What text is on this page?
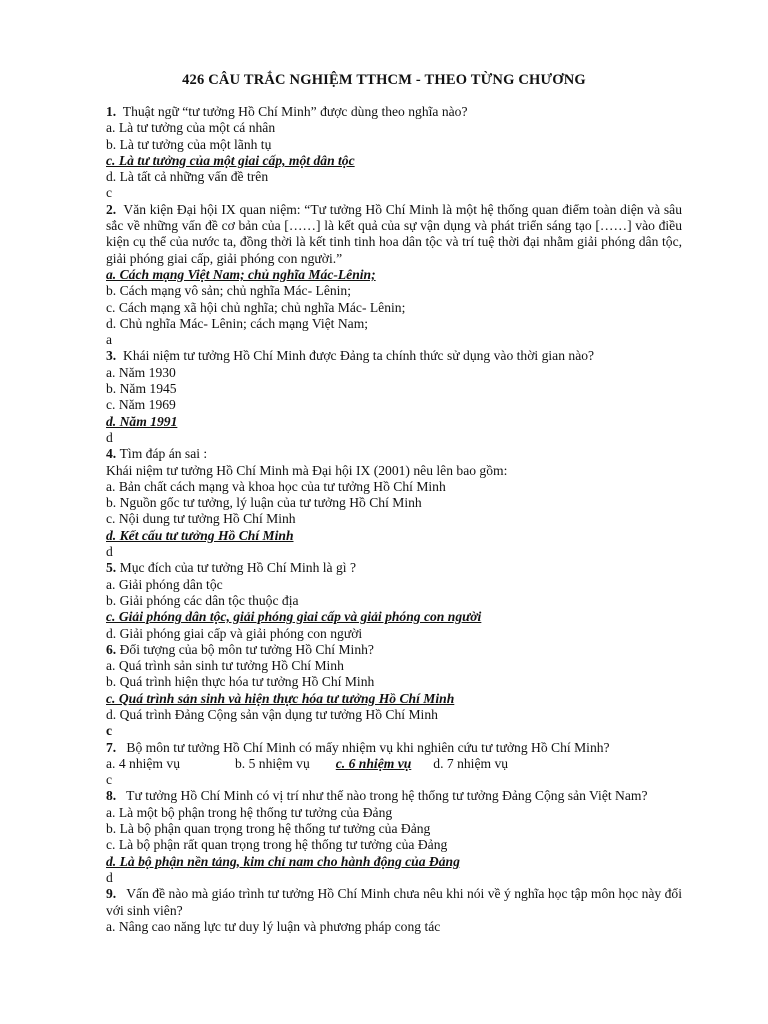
426 CÂU TRẮC NGHIỆM TTHCM - THEO TỪNG CHƯƠNG
1. Thuật ngữ “tư tưởng Hồ Chí Minh” được dùng theo nghĩa nào?
a. Là tư tưởng của một cá nhân
b. Là tư tưởng của một lãnh tụ
c. Là tư tưởng của một giai cấp, một dân tộc
d. Là tất cả những vấn đề trên
c
2. Văn kiện Đại hội IX quan niệm: “Tư tưởng Hồ Chí Minh là một hệ thống quan điểm toàn diện và sâu sắc về những vấn đề cơ bản của [……] là kết quả của sự vận dụng và phát triển sáng tạo [……] vào điều kiện cụ thể của nước ta, đồng thời là kết tinh tinh hoa dân tộc và trí tuệ thời đại nhằm giải phóng dân tộc, giải phóng giai cấp, giải phóng con người.”
a. Cách mạng Việt Nam; chủ nghĩa Mác-Lênin;
b. Cách mạng vô sản; chủ nghĩa Mác- Lênin;
c. Cách mạng xã hội chủ nghĩa; chủ nghĩa Mác- Lênin;
d. Chủ nghĩa Mác- Lênin; cách mạng Việt Nam;
a
3. Khái niệm tư tưởng Hồ Chí Minh được Đảng ta chính thức sử dụng vào thời gian nào?
a. Năm 1930
b. Năm 1945
c. Năm 1969
d. Năm 1991
d
4. Tìm đáp án sai :
Khái niệm tư tưởng Hồ Chí Minh mà Đại hội IX (2001) nêu lên bao gồm:
a. Bản chất cách mạng và khoa học của tư tưởng Hồ Chí Minh
b. Nguồn gốc tư tưởng, lý luận của tư tưởng Hồ Chí Minh
c. Nội dung tư tưởng Hồ Chí Minh
d. Kết cấu tư tưởng Hồ Chí Minh
d
5. Mục đích của tư tưởng Hồ Chí Minh là gì ?
a. Giải phóng dân tộc
b. Giải phóng các dân tộc thuộc địa
c. Giải phóng dân tộc, giải phóng giai cấp và giải phóng con người
d. Giải phóng giai cấp và giải phóng con người
6. Đối tượng của bộ môn tư tưởng Hồ Chí Minh?
a. Quá trình sản sinh tư tưởng Hồ Chí Minh
b. Quá trình hiện thực hóa tư tưởng Hồ Chí Minh
c. Quá trình sản sinh và hiện thực hóa tư tưởng Hồ Chí Minh
d. Quá trình Đảng Cộng sản vận dụng tư tưởng Hồ Chí Minh
c
7. Bộ môn tư tưởng Hồ Chí Minh có mấy nhiệm vụ khi nghiên cứu tư tưởng Hồ Chí Minh?
a. 4 nhiệm vụ	b. 5 nhiệm vụ c. 6 nhiệm vụ d. 7 nhiệm vụ
c
8. Tư tưởng Hồ Chí Minh có vị trí như thế nào trong hệ thống tư tưởng Đảng Cộng sản Việt Nam?
a. Là một bộ phận trong hệ thống tư tưởng của Đảng
b. Là bộ phận quan trọng trong hệ thống tư tưởng của Đảng
c. Là bộ phận rất quan trọng trong hệ thống tư tưởng của Đảng
d. Là bộ phận nền tảng, kim chỉ nam cho hành động của Đảng
d
9. Vấn đề nào mà giáo trình tư tưởng Hồ Chí Minh chưa nêu khi nói về ý nghĩa học tập môn học này đối với sinh viên?
a. Nâng cao năng lực tư duy lý luận và phương pháp cong tác
